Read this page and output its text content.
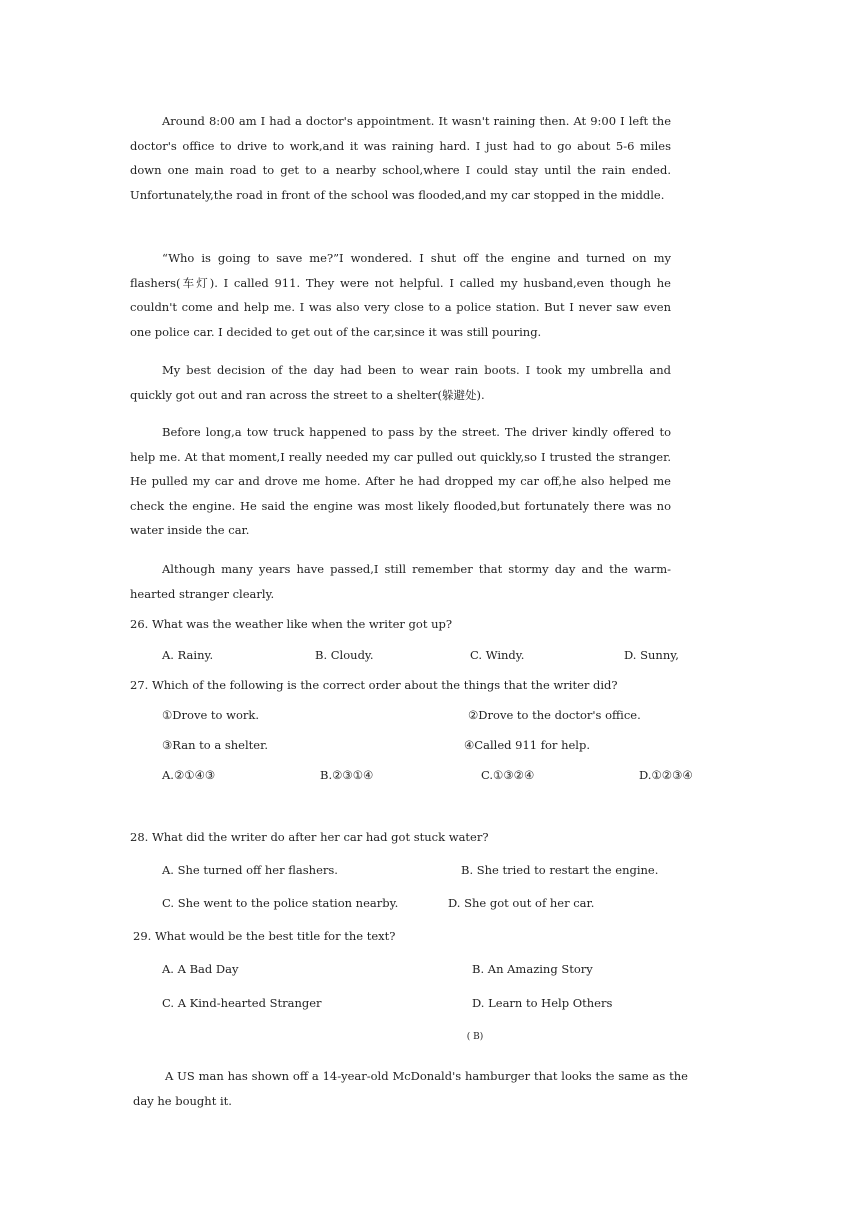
Around 8:00 am I had a doctor's appointment. It wasn't raining then. At 9:00 I left the doctor's office to drive to work,and it was raining hard. I just had to go about 5-6 miles down one main road to get to a nearby school,where I could stay until the rain ended. Unfortunately,the road in front of the school was flooded,and my car stopped in the middle.

“Who is going to save me?”I wondered. I shut off the engine and turned on my flashers(车灯). I called 911. They were not helpful. I called my husband,even though he couldn't come and help me. I was also very close to a police station. But I never saw even one police car. I decided to get out of the car,since it was still pouring.

My best decision of the day had been to wear rain boots. I took my umbrella and quickly got out and ran across the street to a shelter(躲避处).

Before long,a tow truck happened to pass by the street. The driver kindly offered to help me. At that moment,I really needed my car pulled out quickly,so I trusted the stranger. He pulled my car and drove me home. After he had dropped my car off,he also helped me check the engine. He said the engine was most likely flooded,but fortunately there was no water inside the car.

Although many years have passed,I still remember that stormy day and the warm-hearted stranger clearly.

26. What was the weather like when the writer got up?

A. Rainy.	B. Cloudy.	C. Windy.	D. Sunny,

27. Which of the following is the correct order about the things that the writer did?

①Drove to work.	②Drove to the doctor's office.

③Ran to a shelter.	④Called 911 for help.

A.②①④③	B.②③①④	C.①③②④	D.①②③④

28. What did the writer do after her car had got stuck water?

A. She turned off her flashers.	B. She tried to restart the engine.

C. She went to the police station nearby.	D. She got out of her car.

29. What would be the best title for the text?

A. A Bad Day	B. An Amazing Story

C. A Kind-hearted Stranger	D. Learn to Help Others

( B)

A US man has shown off a 14-year-old McDonald's hamburger that looks the same as the day he bought it.
